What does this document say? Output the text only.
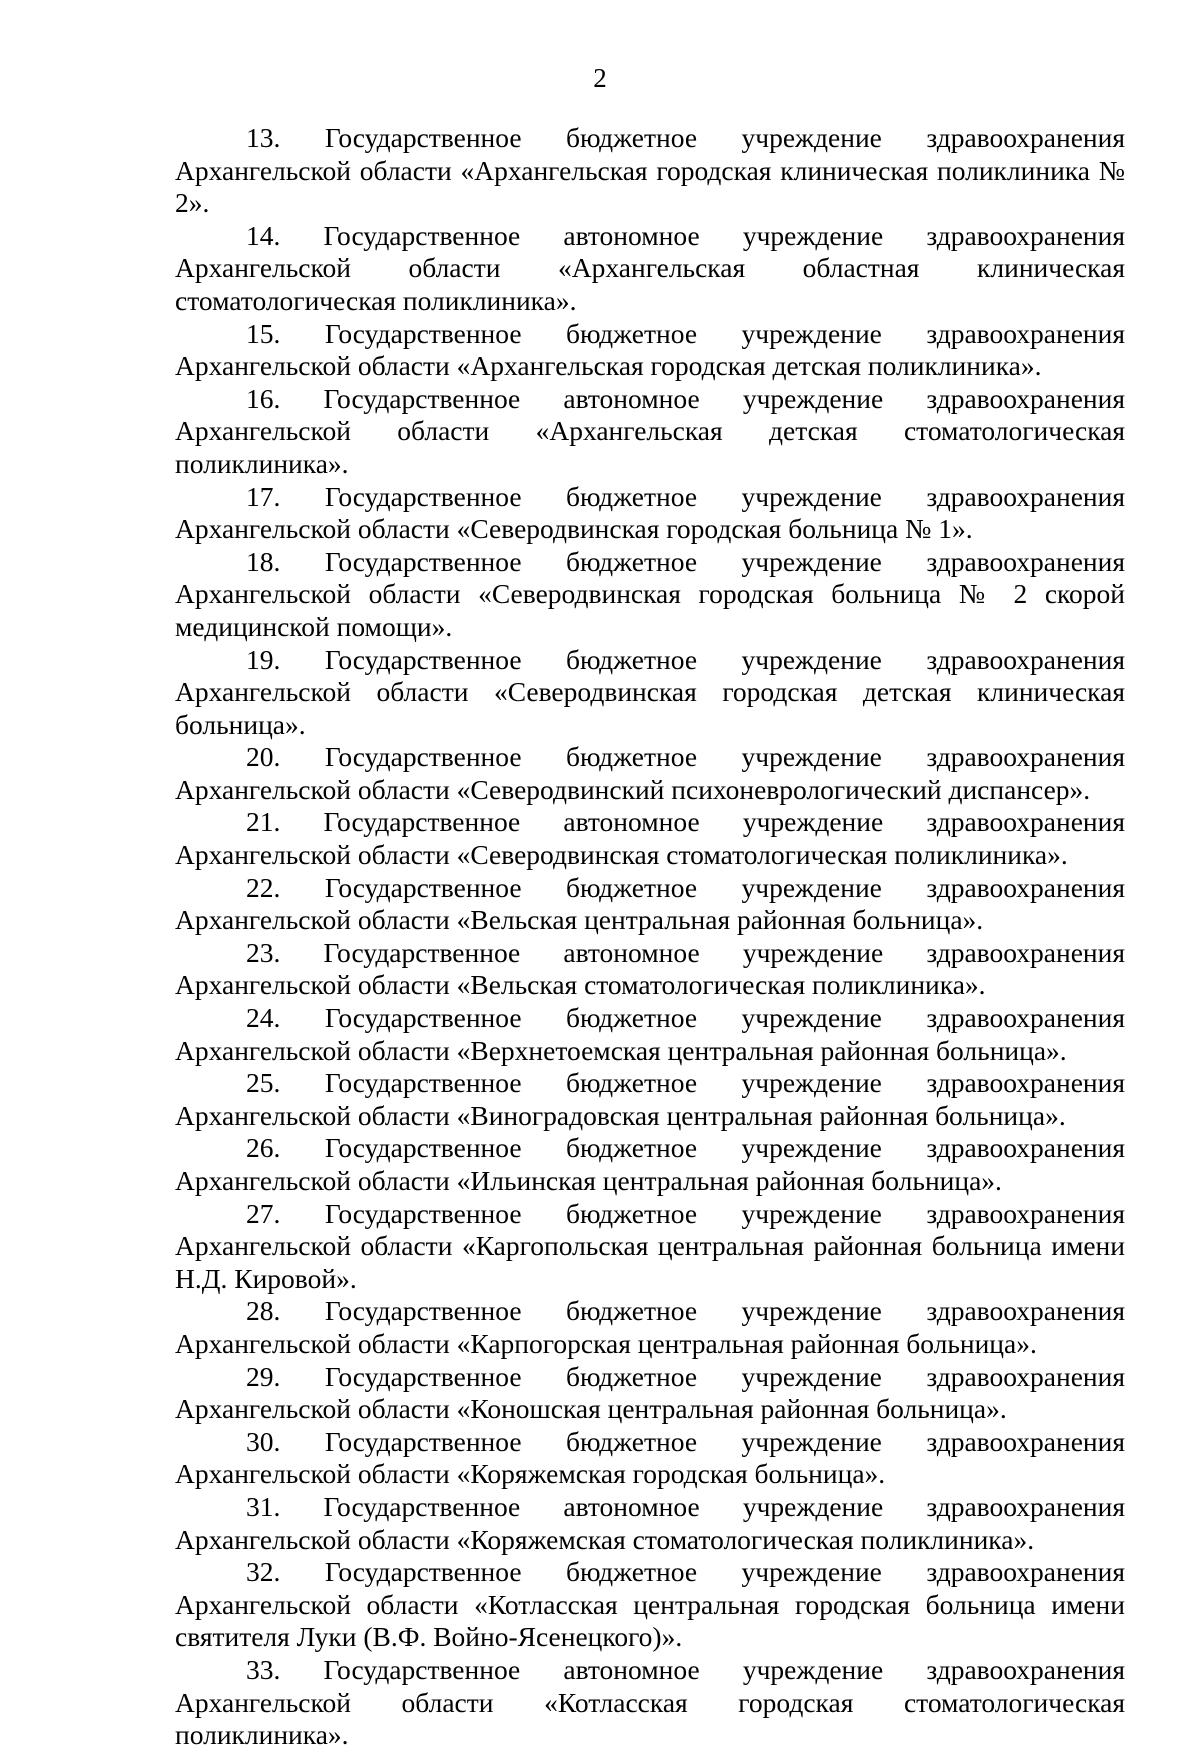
2

13. Государственное бюджетное учреждение здравоохранения Архангельской области «Архангельская городская клиническая поликлиника № 2».

14. Государственное автономное учреждение здравоохранения Архангельской области «Архангельская областная клиническая стоматологическая поликлиника».

15. Государственное бюджетное учреждение здравоохранения Архангельской области «Архангельская городская детская поликлиника».

16. Государственное автономное учреждение здравоохранения Архангельской области «Архангельская детская стоматологическая поликлиника».

17. Государственное бюджетное учреждение здравоохранения Архангельской области «Северодвинская городская больница № 1».

18. Государственное бюджетное учреждение здравоохранения Архангельской области «Северодвинская городская больница № 2 скорой медицинской помощи».

19. Государственное бюджетное учреждение здравоохранения Архангельской области «Северодвинская городская детская клиническая больница».

20. Государственное бюджетное учреждение здравоохранения Архангельской области «Северодвинский психоневрологический диспансер».

21. Государственное автономное учреждение здравоохранения Архангельской области «Северодвинская стоматологическая поликлиника».

22. Государственное бюджетное учреждение здравоохранения Архангельской области «Вельская центральная районная больница».

23. Государственное автономное учреждение здравоохранения Архангельской области «Вельская стоматологическая поликлиника».

24. Государственное бюджетное учреждение здравоохранения Архангельской области «Верхнетоемская центральная районная больница».

25. Государственное бюджетное учреждение здравоохранения Архангельской области «Виноградовская центральная районная больница».

26. Государственное бюджетное учреждение здравоохранения Архангельской области «Ильинская центральная районная больница».

27. Государственное бюджетное учреждение здравоохранения Архангельской области «Каргопольская центральная районная больница имени Н.Д. Кировой».

28. Государственное бюджетное учреждение здравоохранения Архангельской области «Карпогорская центральная районная больница».

29. Государственное бюджетное учреждение здравоохранения Архангельской области «Коношская центральная районная больница».

30. Государственное бюджетное учреждение здравоохранения Архангельской области «Коряжемская городская больница».

31. Государственное автономное учреждение здравоохранения Архангельской области «Коряжемская стоматологическая поликлиника».

32. Государственное бюджетное учреждение здравоохранения Архангельской области «Котласская центральная городская больница имени святителя Луки (В.Ф. Войно-Ясенецкого)».

33. Государственное автономное учреждение здравоохранения Архангельской области «Котласская городская стоматологическая поликлиника».
